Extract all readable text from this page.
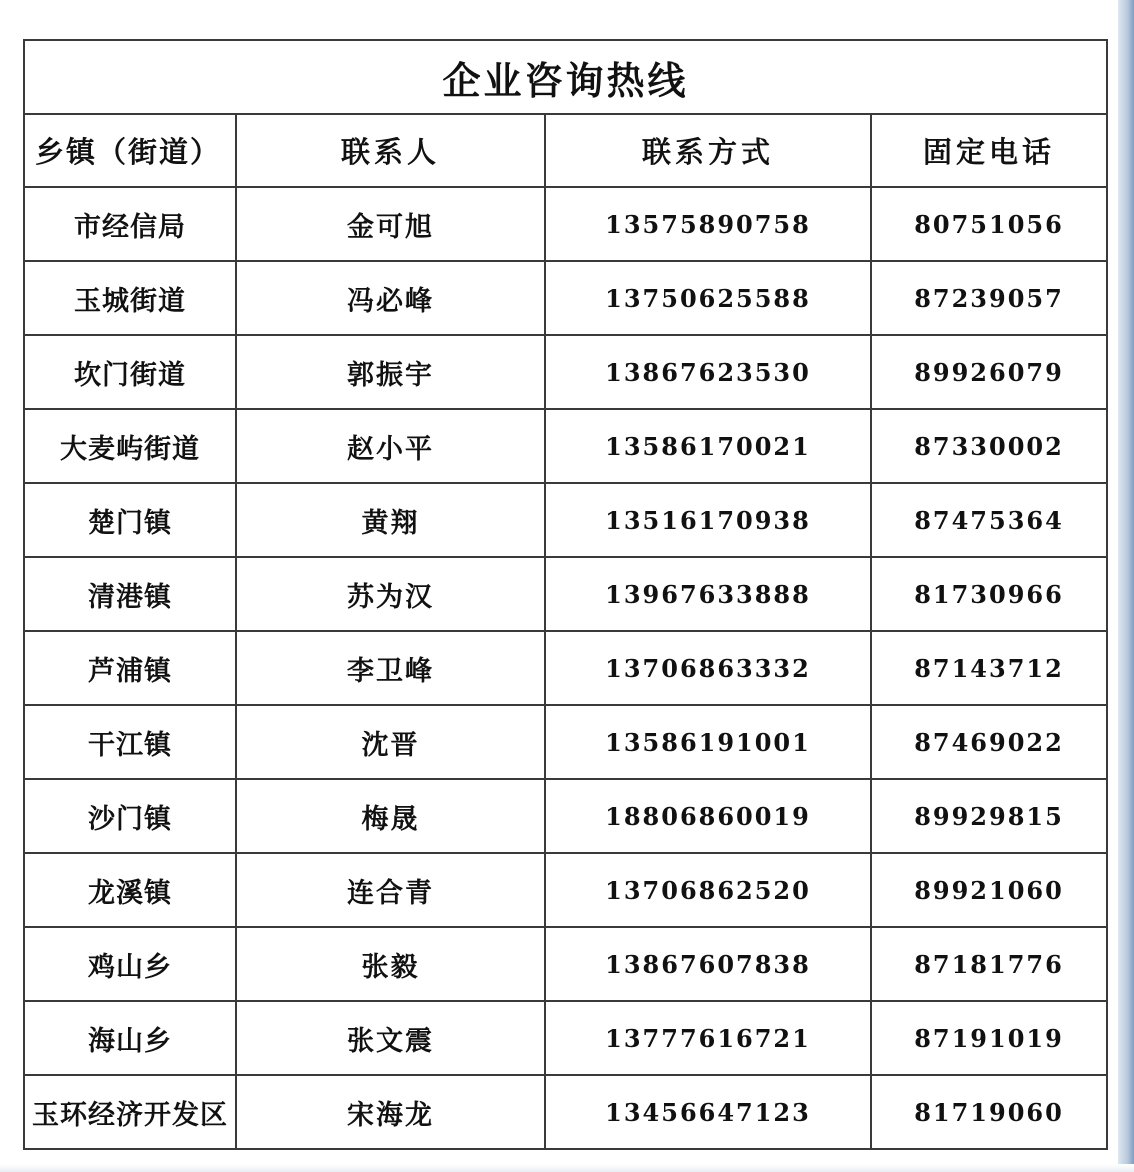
企业咨询热线			
乡镇（街道）	联系人	联系方式	固定电话
市经信局	金可旭	13575890758	80751056
玉城街道	冯必峰	13750625588	87239057
坎门街道	郭振宇	13867623530	89926079
大麦屿街道	赵小平	13586170021	87330002
楚门镇	黄翔	13516170938	87475364
清港镇	苏为汉	13967633888	81730966
芦浦镇	李卫峰	13706863332	87143712
干江镇	沈晋	13586191001	87469022
沙门镇	梅晟	18806860019	89929815
龙溪镇	连合青	13706862520	89921060
鸡山乡	张毅	13867607838	87181776
海山乡	张文震	13777616721	87191019
玉环经济开发区	宋海龙	13456647123	81719060
